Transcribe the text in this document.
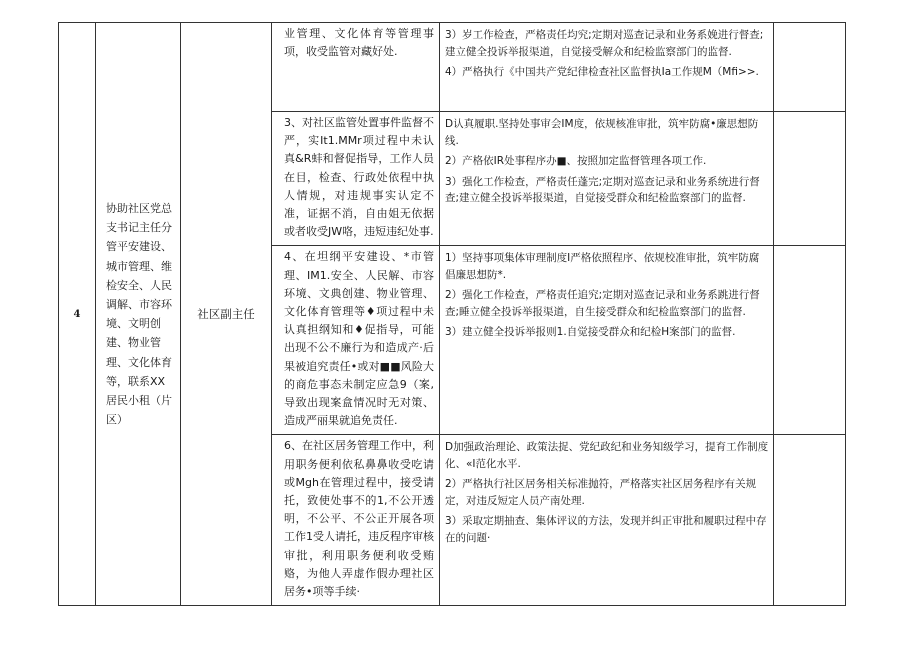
4	协助社区党总支书记主任分管平安建设、城市管理、维检安全、人民调解、市容环境、文明创建、物业管理、文化体育等，联系XX居民小租（片区）	社区副主任	业管理、文化体育等管理事项，收受监管对藏好处.	3）岁工作检查，严格责任均究;定期对巡查记录和业务系娩进行督查;建立健全投诉举报渠道，自觉接受解众和纪检监察部门的监督.

4）严格执行《中国共产党纪律检查社区监督执Ia工作规M（Mfi>>.	

			3、对社区监管处置事件监督不严，实It1.MMr项过程中未认真&R蚌和督促指导，工作人员在目，检查、行政处依程中执人情规，对违规事实认定不准，证据不消，自由姐无依据或者收受JW咯，违短违纪处事.	D认真履职.坚持处事审会IM度，依规核准审批，筑牢防腐•廉思想防线.

2）产格依IR处事程序办■、按照加定监督管理各项工作.

3）强化工作检查，严格责任蓬完;定期对巡查记录和业务系统进行督查;建立健全投诉举报渠道，自觉接受群众和纪检监察部门的监督.	

			4、在坦纲平安建设、*市管理、IM1.安全、人民解、市容环境、文典创建、物业管理、文化体育管理等♦项过程中未认真担纲知和♦促指导，可能出现不公不廉行为和造成产·后果被追究责任•或对■■风险大的商危事态未制定应急9（案,导致出现案盒情况时无对策、造成严丽果就追免责任.	1）坚持事项集体审理制度I严格依照程序、依规校准审批，筑牢防腐倡廉思想防*.

2）强化工作检查，严格责任追究;定期对巡查记录和业务系跳进行督查;睡立健全投诉举报渠道，自生接受群众和纪检监察部门的监督.

3）建立健全投诉举报则1.自觉接受群众和纪检H案部门的监督.	

			6、在社区居务管理工作中，利用职务便利依私鼻鼻收受吃请或Mgh在管理过程中，接受请托，致使处事不的1,不公开透明，不公平、不公正开展各项工作1受人请托，违反程序审核审批，利用职务便利收受贿赂，为他人弄虚作假办理社区居务•项等手续·	D加强政治理论、政策法捉、党纪政纪和业务知级学习，提育工作制度化、«I范化水平.

2）严格执行社区居务相关标准抛符，严格落实社区居务程序有关规定，对违反短定人员产南处理.

3）采取定期抽查、集体评议的方法，发现并纠正审批和履职过程中存在的问题·	
